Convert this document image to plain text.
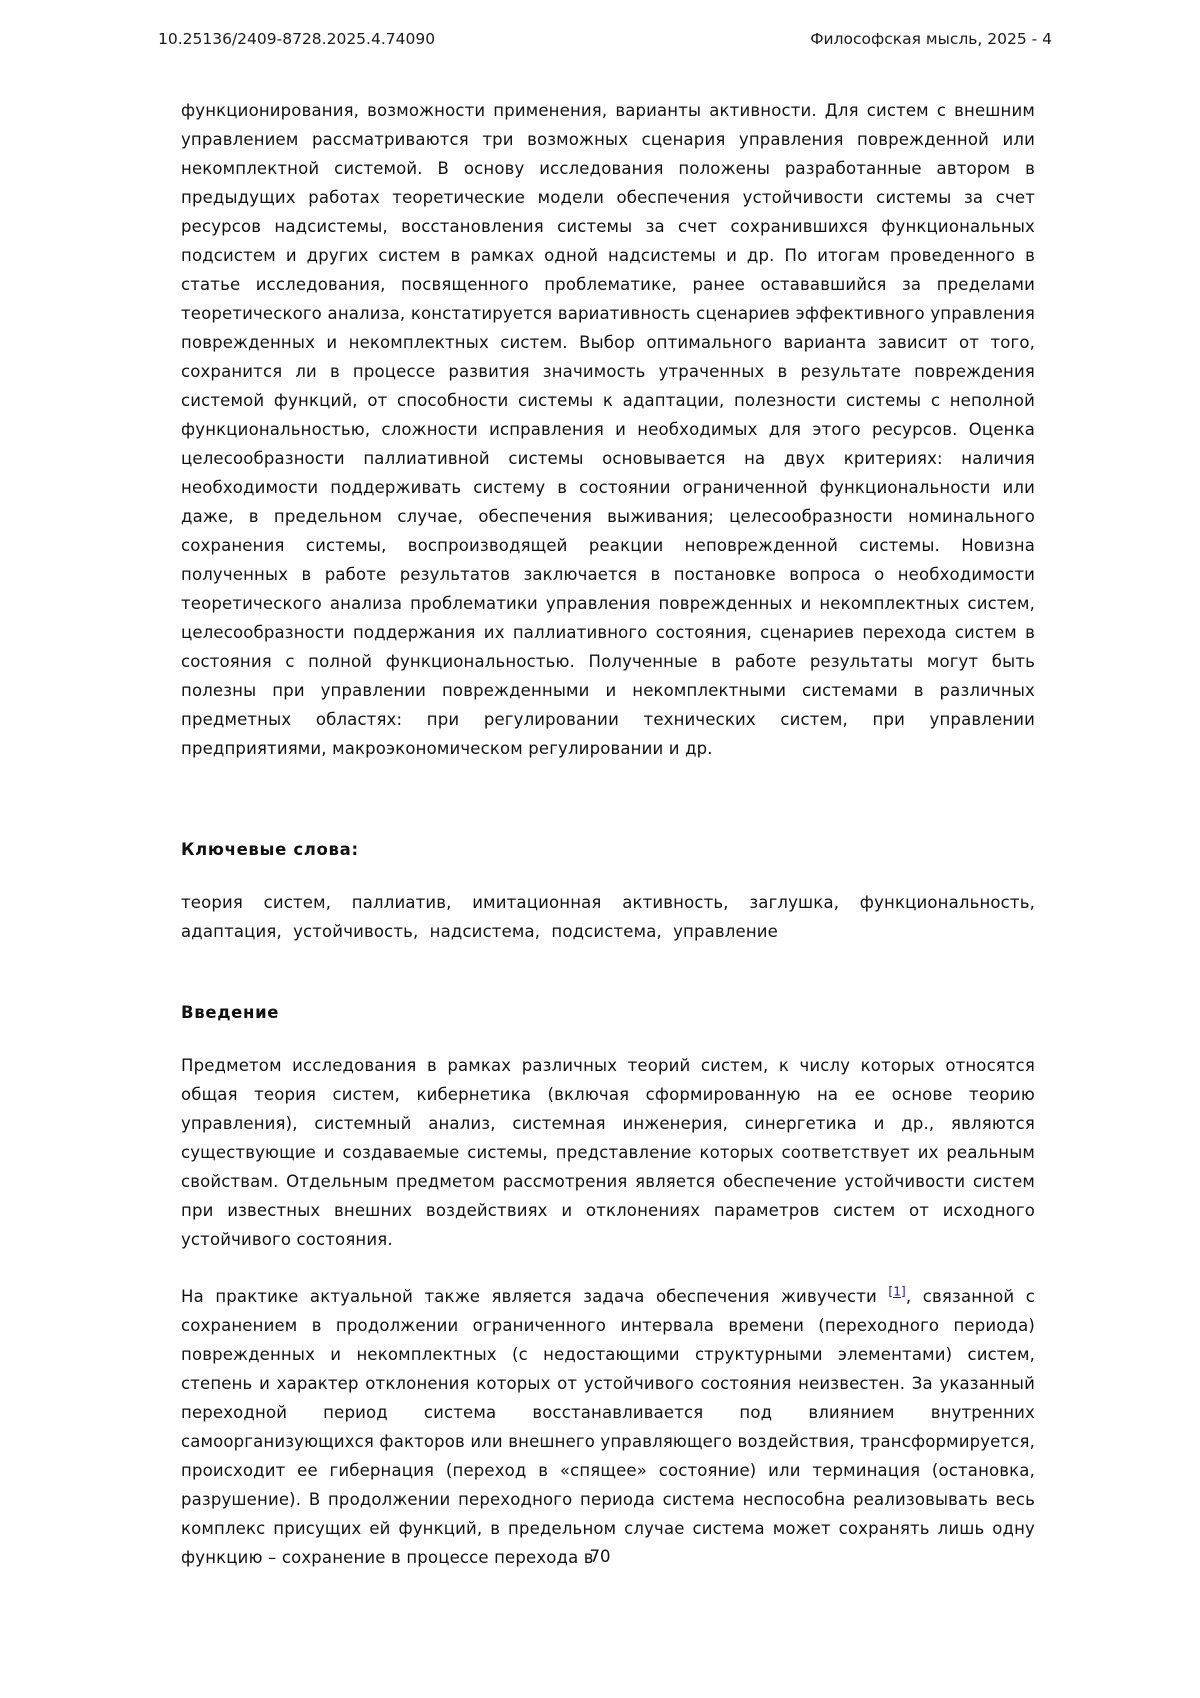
10.25136/2409-8728.2025.4.74090	Философская мысль, 2025 - 4
функционирования, возможности применения, варианты активности. Для систем с внешним управлением рассматриваются три возможных сценария управления поврежденной или некомплектной системой. В основу исследования положены разработанные автором в предыдущих работах теоретические модели обеспечения устойчивости системы за счет ресурсов надсистемы, восстановления системы за счет сохранившихся функциональных подсистем и других систем в рамках одной надсистемы и др. По итогам проведенного в статье исследования, посвященного проблематике, ранее остававшийся за пределами теоретического анализа, констатируется вариативность сценариев эффективного управления поврежденных и некомплектных систем. Выбор оптимального варианта зависит от того, сохранится ли в процессе развития значимость утраченных в результате повреждения системой функций, от способности системы к адаптации, полезности системы с неполной функциональностью, сложности исправления и необходимых для этого ресурсов. Оценка целесообразности паллиативной системы основывается на двух критериях: наличия необходимости поддерживать систему в состоянии ограниченной функциональности или даже, в предельном случае, обеспечения выживания; целесообразности номинального сохранения системы, воспроизводящей реакции неповрежденной системы. Новизна полученных в работе результатов заключается в постановке вопроса о необходимости теоретического анализа проблематики управления поврежденных и некомплектных систем, целесообразности поддержания их паллиативного состояния, сценариев перехода систем в состояния с полной функциональностью. Полученные в работе результаты могут быть полезны при управлении поврежденными и некомплектными системами в различных предметных областях: при регулировании технических систем, при управлении предприятиями, макроэкономическом регулировании и др.
Ключевые слова:
теория систем, паллиатив, имитационная активность, заглушка, функциональность, адаптация, устойчивость, надсистема, подсистема, управление
Введение
Предметом исследования в рамках различных теорий систем, к числу которых относятся общая теория систем, кибернетика (включая сформированную на ее основе теорию управления), системный анализ, системная инженерия, синергетика и др., являются существующие и создаваемые системы, представление которых соответствует их реальным свойствам. Отдельным предметом рассмотрения является обеспечение устойчивости систем при известных внешних воздействиях и отклонениях параметров систем от исходного устойчивого состояния.
На практике актуальной также является задача обеспечения живучести [1], связанной с сохранением в продолжении ограниченного интервала времени (переходного периода) поврежденных и некомплектных (с недостающими структурными элементами) систем, степень и характер отклонения которых от устойчивого состояния неизвестен. За указанный переходной период система восстанавливается под влиянием внутренних самоорганизующихся факторов или внешнего управляющего воздействия, трансформируется, происходит ее гибернация (переход в «спящее» состояние) или терминация (остановка, разрушение). В продолжении переходного периода система неспособна реализовывать весь комплекс присущих ей функций, в предельном случае система может сохранять лишь одну функцию – сохранение в процессе перехода в
70
